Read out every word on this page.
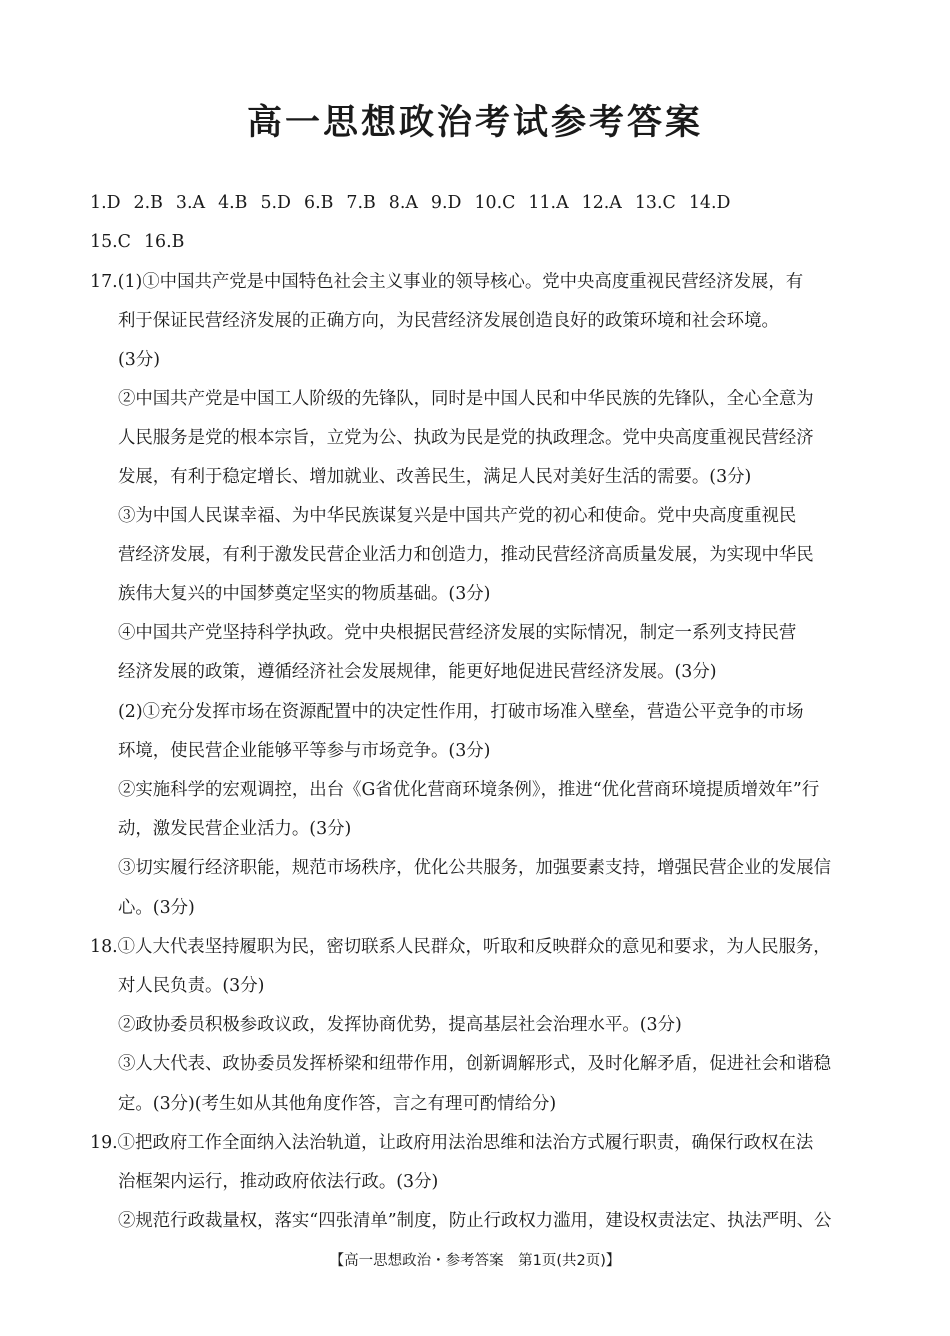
高一思想政治考试参考答案
1.D 2.B 3.A 4.B 5.D 6.B 7.B 8.A 9.D 10.C 11.A 12.A 13.C 14.D
15.C 16.B
17.(1)①中国共产党是中国特色社会主义事业的领导核心。党中央高度重视民营经济发展，有
利于保证民营经济发展的正确方向，为民营经济发展创造良好的政策环境和社会环境。
(3分)
②中国共产党是中国工人阶级的先锋队，同时是中国人民和中华民族的先锋队，全心全意为
人民服务是党的根本宗旨，立党为公、执政为民是党的执政理念。党中央高度重视民营经济
发展，有利于稳定增长、增加就业、改善民生，满足人民对美好生活的需要。(3分)
③为中国人民谋幸福、为中华民族谋复兴是中国共产党的初心和使命。党中央高度重视民
营经济发展，有利于激发民营企业活力和创造力，推动民营经济高质量发展，为实现中华民
族伟大复兴的中国梦奠定坚实的物质基础。(3分)
④中国共产党坚持科学执政。党中央根据民营经济发展的实际情况，制定一系列支持民营
经济发展的政策，遵循经济社会发展规律，能更好地促进民营经济发展。(3分)
(2)①充分发挥市场在资源配置中的决定性作用，打破市场准入壁垒，营造公平竞争的市场
环境，使民营企业能够平等参与市场竞争。(3分)
②实施科学的宏观调控，出台《G省优化营商环境条例》，推进“优化营商环境提质增效年”行
动，激发民营企业活力。(3分)
③切实履行经济职能，规范市场秩序，优化公共服务，加强要素支持，增强民营企业的发展信
心。(3分)
18.①人大代表坚持履职为民，密切联系人民群众，听取和反映群众的意见和要求，为人民服务，
对人民负责。(3分)
②政协委员积极参政议政，发挥协商优势，提高基层社会治理水平。(3分)
③人大代表、政协委员发挥桥梁和纽带作用，创新调解形式，及时化解矛盾，促进社会和谐稳
定。(3分)(考生如从其他角度作答，言之有理可酌情给分)
19.①把政府工作全面纳入法治轨道，让政府用法治思维和法治方式履行职责，确保行政权在法
治框架内运行，推动政府依法行政。(3分)
②规范行政裁量权，落实“四张清单”制度，防止行政权力滥用，建设权责法定、执法严明、公
【高一思想政治・参考答案　第1页(共2页)】
